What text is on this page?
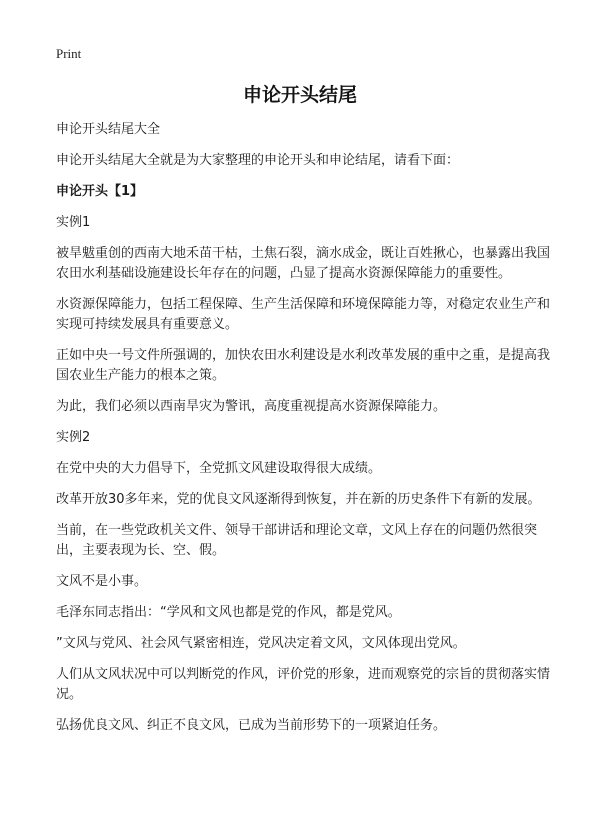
Print
申论开头结尾

申论开头结尾大全

申论开头结尾大全就是为大家整理的申论开头和申论结尾，请看下面：

申论开头【1】

实例1

被旱魃重创的西南大地禾苗干枯，土焦石裂，滴水成金，既让百姓揪心，也暴露出我国农田水利基础设施建设长年存在的问题，凸显了提高水资源保障能力的重要性。

水资源保障能力，包括工程保障、生产生活保障和环境保障能力等，对稳定农业生产和实现可持续发展具有重要意义。

正如中央一号文件所强调的，加快农田水利建设是水利改革发展的重中之重，是提高我国农业生产能力的根本之策。

为此，我们必须以西南旱灾为警讯，高度重视提高水资源保障能力。

实例2

在党中央的大力倡导下，全党抓文风建设取得很大成绩。

改革开放30多年来，党的优良文风逐渐得到恢复，并在新的历史条件下有新的发展。

当前，在一些党政机关文件、领导干部讲话和理论文章，文风上存在的问题仍然很突出，主要表现为长、空、假。

文风不是小事。

毛泽东同志指出：“学风和文风也都是党的作风，都是党风。

”文风与党风、社会风气紧密相连，党风决定着文风，文风体现出党风。

人们从文风状况中可以判断党的作风，评价党的形象，进而观察党的宗旨的贯彻落实情况。

弘扬优良文风、纠正不良文风，已成为当前形势下的一项紧迫任务。
